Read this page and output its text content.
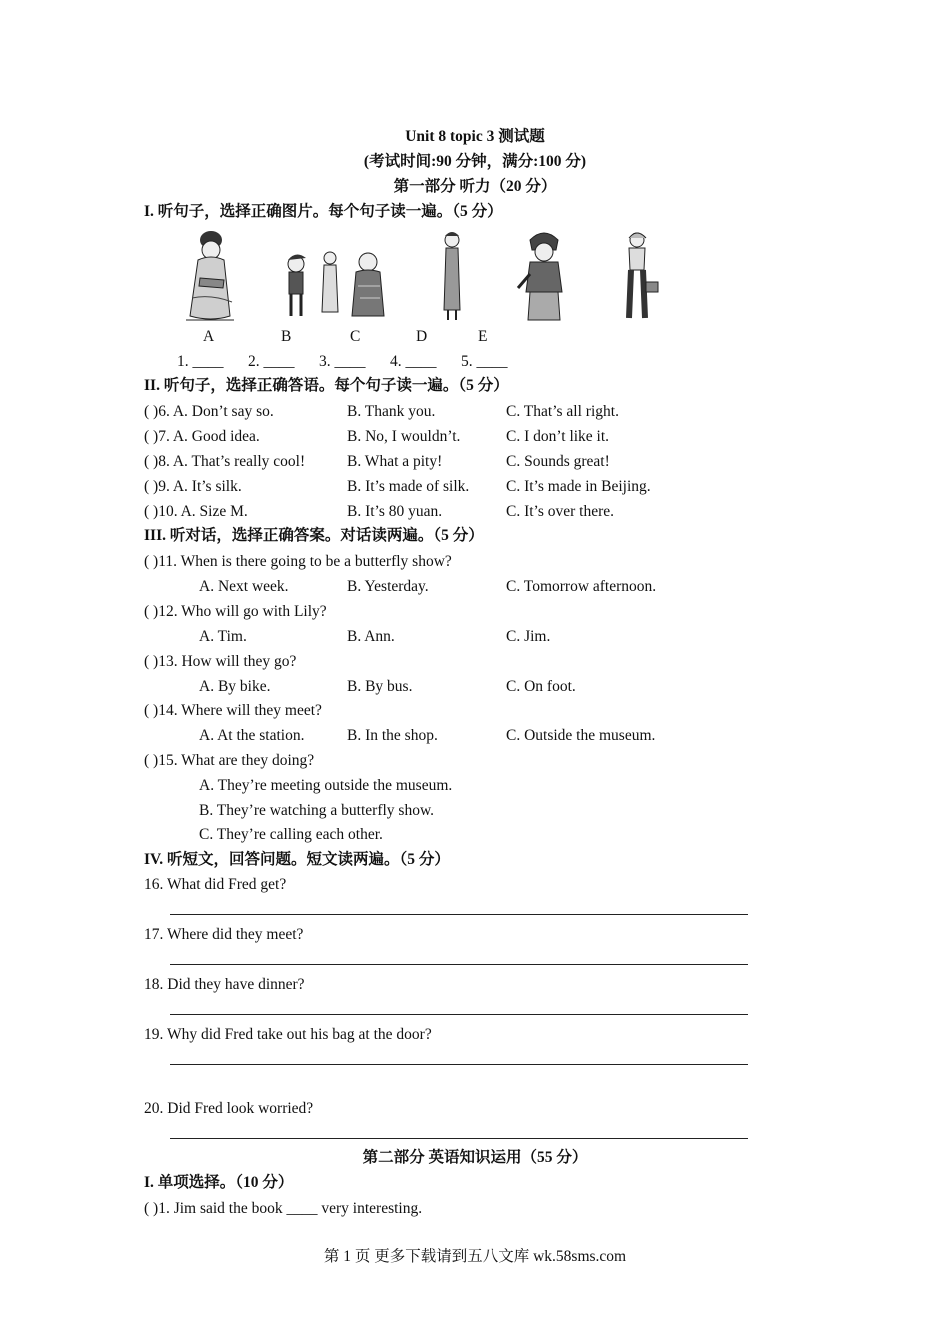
Unit 8 topic 3 测试题
(考试时间:90 分钟，满分:100 分)
第一部分 听力（20 分）
I. 听句子，选择正确图片。每个句子读一遍。（5 分）
A	B	C	D	E
1. ____ 2. ____ 3. ____ 4. ____ 5. ____
II. 听句子，选择正确答语。每个句子读一遍。（5 分）
( )6. A. Don’t say so.	B. Thank you.	C. That’s all right.
( )7. A. Good idea.	B. No, I wouldn’t.	C. I don’t like it.
( )8. A. That’s really cool!	B. What a pity!	C. Sounds great!
( )9. A. It’s silk.	B. It’s made of silk. C. It’s made in Beijing.
( )10. A. Size M.	B. It’s 80 yuan.	C. It’s over there.
III. 听对话，选择正确答案。对话读两遍。（5 分）
( )11. When is there going to be a butterfly show?
A. Next week.	B. Yesterday.	C. Tomorrow afternoon.
( )12. Who will go with Lily?
A. Tim.	B. Ann.	C. Jim.
( )13. How will they go?
A. By bike.	B. By bus.	C. On foot.
( )14. Where will they meet?
A. At the station.	B. In the shop.	C. Outside the museum.
( )15. What are they doing?
A. They’re meeting outside the museum.
B. They’re watching a butterfly show.
C. They’re calling each other.
IV. 听短文，回答问题。短文读两遍。（5 分）
16. What did Fred get?
17. Where did they meet?
18. Did they have dinner?
19. Why did Fred take out his bag at the door?
20. Did Fred look worried?
第二部分 英语知识运用（55 分）
I. 单项选择。（10 分）
( )1. Jim said the book ____ very interesting.
第 1 页 更多下载请到五八文库 wk.58sms.com
